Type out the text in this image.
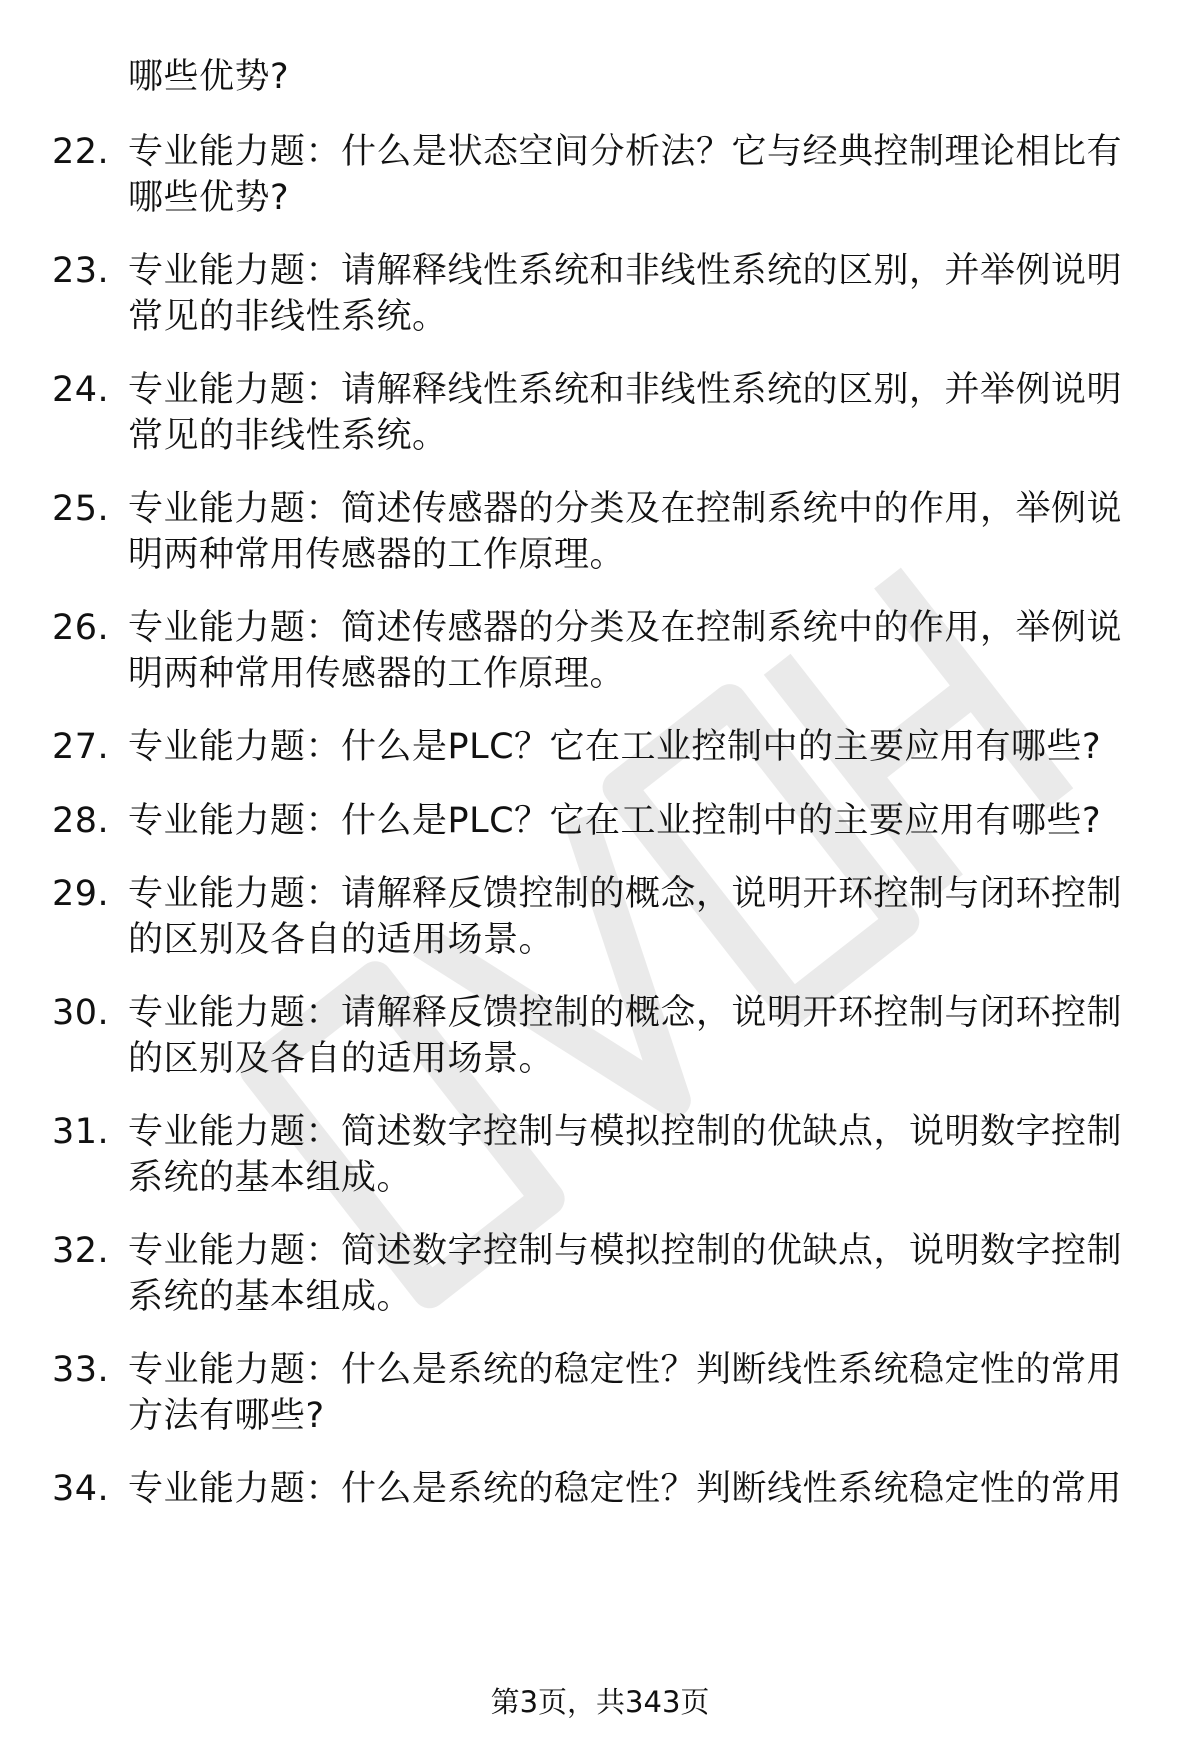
哪些优势?
22. 专业能力题：什么是状态空间分析法？它与经典控制理论相比有
哪些优势?
23. 专业能力题：请解释线性系统和非线性系统的区别，并举例说明
常见的非线性系统。
24. 专业能力题：请解释线性系统和非线性系统的区别，并举例说明
常见的非线性系统。
25. 专业能力题：简述传感器的分类及在控制系统中的作用，举例说
明两种常用传感器的工作原理。
26. 专业能力题：简述传感器的分类及在控制系统中的作用，举例说
明两种常用传感器的工作原理。
27. 专业能力题：什么是PLC？它在工业控制中的主要应用有哪些?
28. 专业能力题：什么是PLC？它在工业控制中的主要应用有哪些?
29. 专业能力题：请解释反馈控制的概念，说明开环控制与闭环控制
的区别及各自的适用场景。
30. 专业能力题：请解释反馈控制的概念，说明开环控制与闭环控制
的区别及各自的适用场景。
31. 专业能力题：简述数字控制与模拟控制的优缺点，说明数字控制
系统的基本组成。
32. 专业能力题：简述数字控制与模拟控制的优缺点，说明数字控制
系统的基本组成。
33. 专业能力题：什么是系统的稳定性？判断线性系统稳定性的常用
方法有哪些?
34. 专业能力题：什么是系统的稳定性？判断线性系统稳定性的常用
第3页，共343页
